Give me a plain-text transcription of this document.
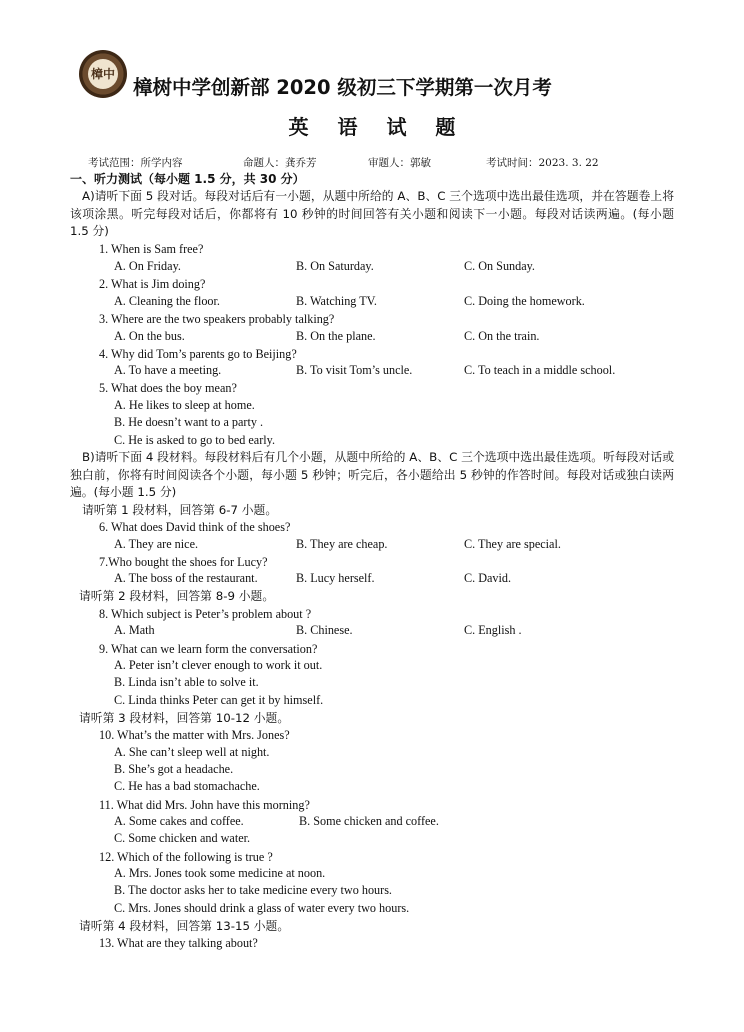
樟中
樟树中学创新部 2020 级初三下学期第一次月考
英 语 试 题
考试范围：所学内容	命题人：龚乔芳	审题人：郭敏	考试时间：2023. 3. 22
一、听力测试（每小题 1.5 分，共 30 分）
A)请听下面 5 段对话。每段对话后有一小题，从题中所给的 A、B、C 三个选项中选出最佳选项，并在答题卷上将该项涂黑。听完每段对话后，你都将有 10 秒钟的时间回答有关小题和阅读下一小题。每段对话读两遍。(每小题 1.5 分)
1. When is Sam free?
A. On Friday.	B. On Saturday.	C. On Sunday.
2. What is Jim doing?
A. Cleaning the floor.	B. Watching TV.	C. Doing the homework.
3. Where are the two speakers probably talking?
A. On the bus.	B. On the plane.	C. On the train.
4. Why did Tom’s parents go to Beijing?
A. To have a meeting.	B. To visit Tom’s uncle.	C. To teach in a middle school.
5. What does the boy mean?
A. He likes to sleep at home.
B. He doesn’t want to a party .
C. He is asked to go to bed early.
B)请听下面 4 段材料。每段材料后有几个小题，从题中所给的 A、B、C 三个选项中选出最佳选项。听每段对话或独白前，你将有时间阅读各个小题，每小题 5 秒钟；听完后，各小题给出 5 秒钟的作答时间。每段对话或独白读两遍。(每小题 1.5 分)
请听第 1 段材料，回答第 6-7 小题。
6. What does David think of the shoes?
A. They are nice.	B. They are cheap.	C. They are special.
7.Who bought the shoes for Lucy?
A. The boss of the restaurant.	B. Lucy herself.	C. David.
请听第 2 段材料，回答第 8-9 小题。
8. Which subject is Peter’s problem about ?
A. Math	B. Chinese.	C. English .
9. What can we learn form the conversation?
A. Peter isn’t clever enough to work it out.
B. Linda isn’t able to solve it.
C. Linda thinks Peter can get it by himself.
请听第 3 段材料，回答第 10-12 小题。
10. What’s the matter with Mrs. Jones?
A. She can’t sleep well at night.
B. She’s got a headache.
C. He has a bad stomachache.
11. What did Mrs. John have this morning?
A. Some cakes and coffee.	B. Some chicken and coffee.
C. Some chicken and water.
12. Which of the following is true ?
A. Mrs. Jones took some medicine at noon.
B. The doctor asks her to take medicine every two hours.
C. Mrs. Jones should drink a glass of water every two hours.
请听第 4 段材料，回答第 13-15 小题。
13. What are they talking about?
